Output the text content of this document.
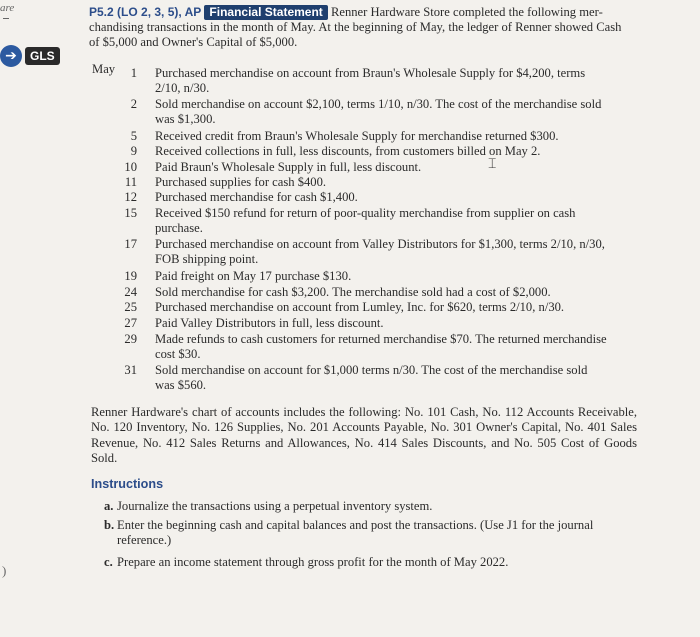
are
➔	GLS
P5.2 (LO 2, 3, 5), AP Financial Statement Renner Hardware Store completed the following mer-
chandising transactions in the month of May. At the beginning of May, the ledger of Renner showed Cash
of $5,000 and Owner's Capital of $5,000.
May 1 Purchased merchandise on account from Braun's Wholesale Supply for $4,200, terms
2/10, n/30.
2 Sold merchandise on account $2,100, terms 1/10, n/30. The cost of the merchandise sold
was $1,300.
5 Received credit from Braun's Wholesale Supply for merchandise returned $300.
9 Received collections in full, less discounts, from customers billed on May 2.
10 Paid Braun's Wholesale Supply in full, less discount.
11 Purchased supplies for cash $400.
12 Purchased merchandise for cash $1,400.
15 Received $150 refund for return of poor-quality merchandise from supplier on cash
purchase.
17 Purchased merchandise on account from Valley Distributors for $1,300, terms 2/10, n/30,
FOB shipping point.
19 Paid freight on May 17 purchase $130.
24 Sold merchandise for cash $3,200. The merchandise sold had a cost of $2,000.
25 Purchased merchandise on account from Lumley, Inc. for $620, terms 2/10, n/30.
27 Paid Valley Distributors in full, less discount.
29 Made refunds to cash customers for returned merchandise $70. The returned merchandise
cost $30.
31 Sold merchandise on account for $1,000 terms n/30. The cost of the merchandise sold
was $560.
⌶
Renner Hardware's chart of accounts includes the following: No. 101 Cash, No. 112 Accounts Receivable, No. 120 Inventory, No. 126 Supplies, No. 201 Accounts Payable, No. 301 Owner's Capital, No. 401 Sales Revenue, No. 412 Sales Returns and Allowances, No. 414 Sales Discounts, and No. 505 Cost of Goods Sold.
Instructions
a. Journalize the transactions using a perpetual inventory system.
b. Enter the beginning cash and capital balances and post the transactions. (Use J1 for the journal
reference.)
c. Prepare an income statement through gross profit for the month of May 2022.
)
